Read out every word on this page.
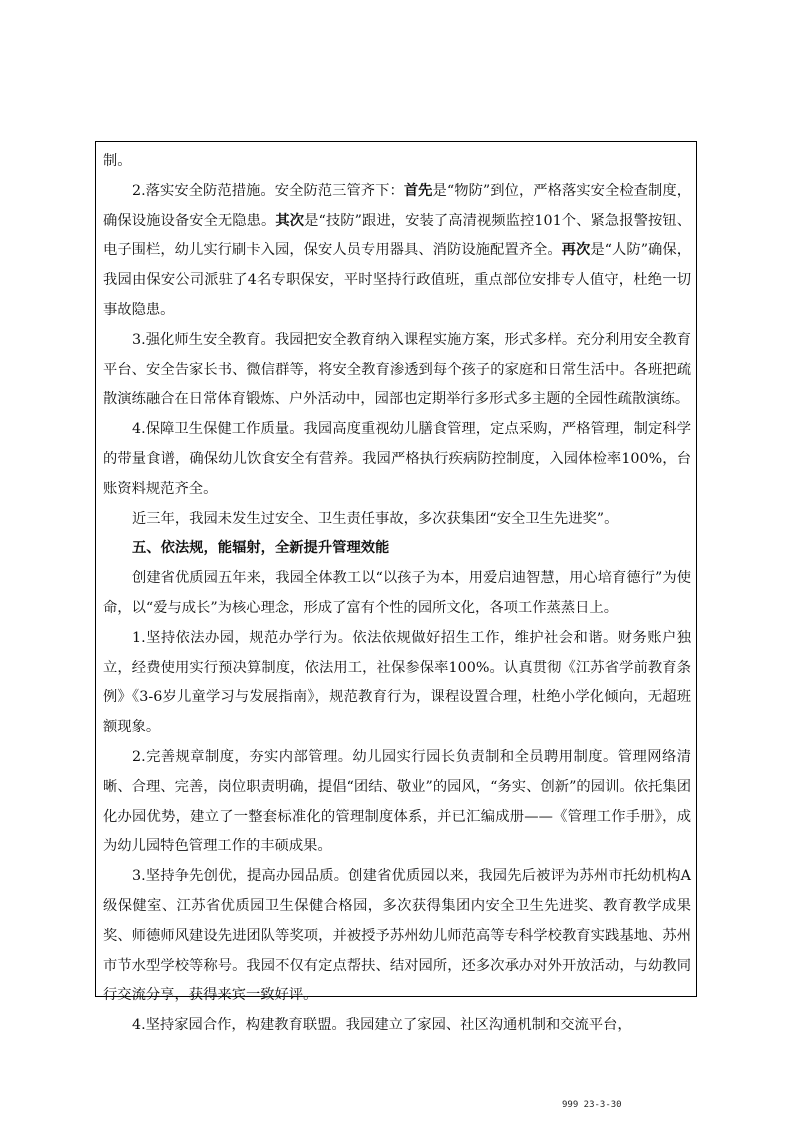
制。

2.落实安全防范措施。安全防范三管齐下：首先是“物防”到位，严格落实安全检查制度，确保设施设备安全无隐患。其次是“技防”跟进，安装了高清视频监控101个、紧急报警按钮、电子围栏，幼儿实行刷卡入园，保安人员专用器具、消防设施配置齐全。再次是“人防”确保，我园由保安公司派驻了4名专职保安，平时坚持行政值班，重点部位安排专人值守，杜绝一切事故隐患。

3.强化师生安全教育。我园把安全教育纳入课程实施方案，形式多样。充分利用安全教育平台、安全告家长书、微信群等，将安全教育渗透到每个孩子的家庭和日常生活中。各班把疏散演练融合在日常体育锻炼、户外活动中，园部也定期举行多形式多主题的全园性疏散演练。

4.保障卫生保健工作质量。我园高度重视幼儿膳食管理，定点采购，严格管理，制定科学的带量食谱，确保幼儿饮食安全有营养。我园严格执行疾病防控制度，入园体检率100%，台账资料规范齐全。

近三年，我园未发生过安全、卫生责任事故，多次获集团“安全卫生先进奖”。

五、依法规，能辐射，全新提升管理效能

创建省优质园五年来，我园全体教工以“以孩子为本，用爱启迪智慧，用心培育德行”为使命，以“爱与成长”为核心理念，形成了富有个性的园所文化，各项工作蒸蒸日上。

1.坚持依法办园，规范办学行为。依法依规做好招生工作，维护社会和谐。财务账户独立，经费使用实行预决算制度，依法用工，社保参保率100%。认真贯彻《江苏省学前教育条例》《3-6岁儿童学习与发展指南》，规范教育行为，课程设置合理，杜绝小学化倾向，无超班额现象。

2.完善规章制度，夯实内部管理。幼儿园实行园长负责制和全员聘用制度。管理网络清晰、合理、完善，岗位职责明确，提倡“团结、敬业”的园风，“务实、创新”的园训。依托集团化办园优势，建立了一整套标准化的管理制度体系，并已汇编成册——《管理工作手册》，成为幼儿园特色管理工作的丰硕成果。

3.坚持争先创优，提高办园品质。创建省优质园以来，我园先后被评为苏州市托幼机构A级保健室、江苏省优质园卫生保健合格园，多次获得集团内安全卫生先进奖、教育教学成果奖、师德师风建设先进团队等奖项，并被授予苏州幼儿师范高等专科学校教育实践基地、苏州市节水型学校等称号。我园不仅有定点帮扶、结对园所，还多次承办对外开放活动，与幼教同行交流分享，获得来宾一致好评。

4.坚持家园合作，构建教育联盟。我园建立了家园、社区沟通机制和交流平台，

999 23-3-30
